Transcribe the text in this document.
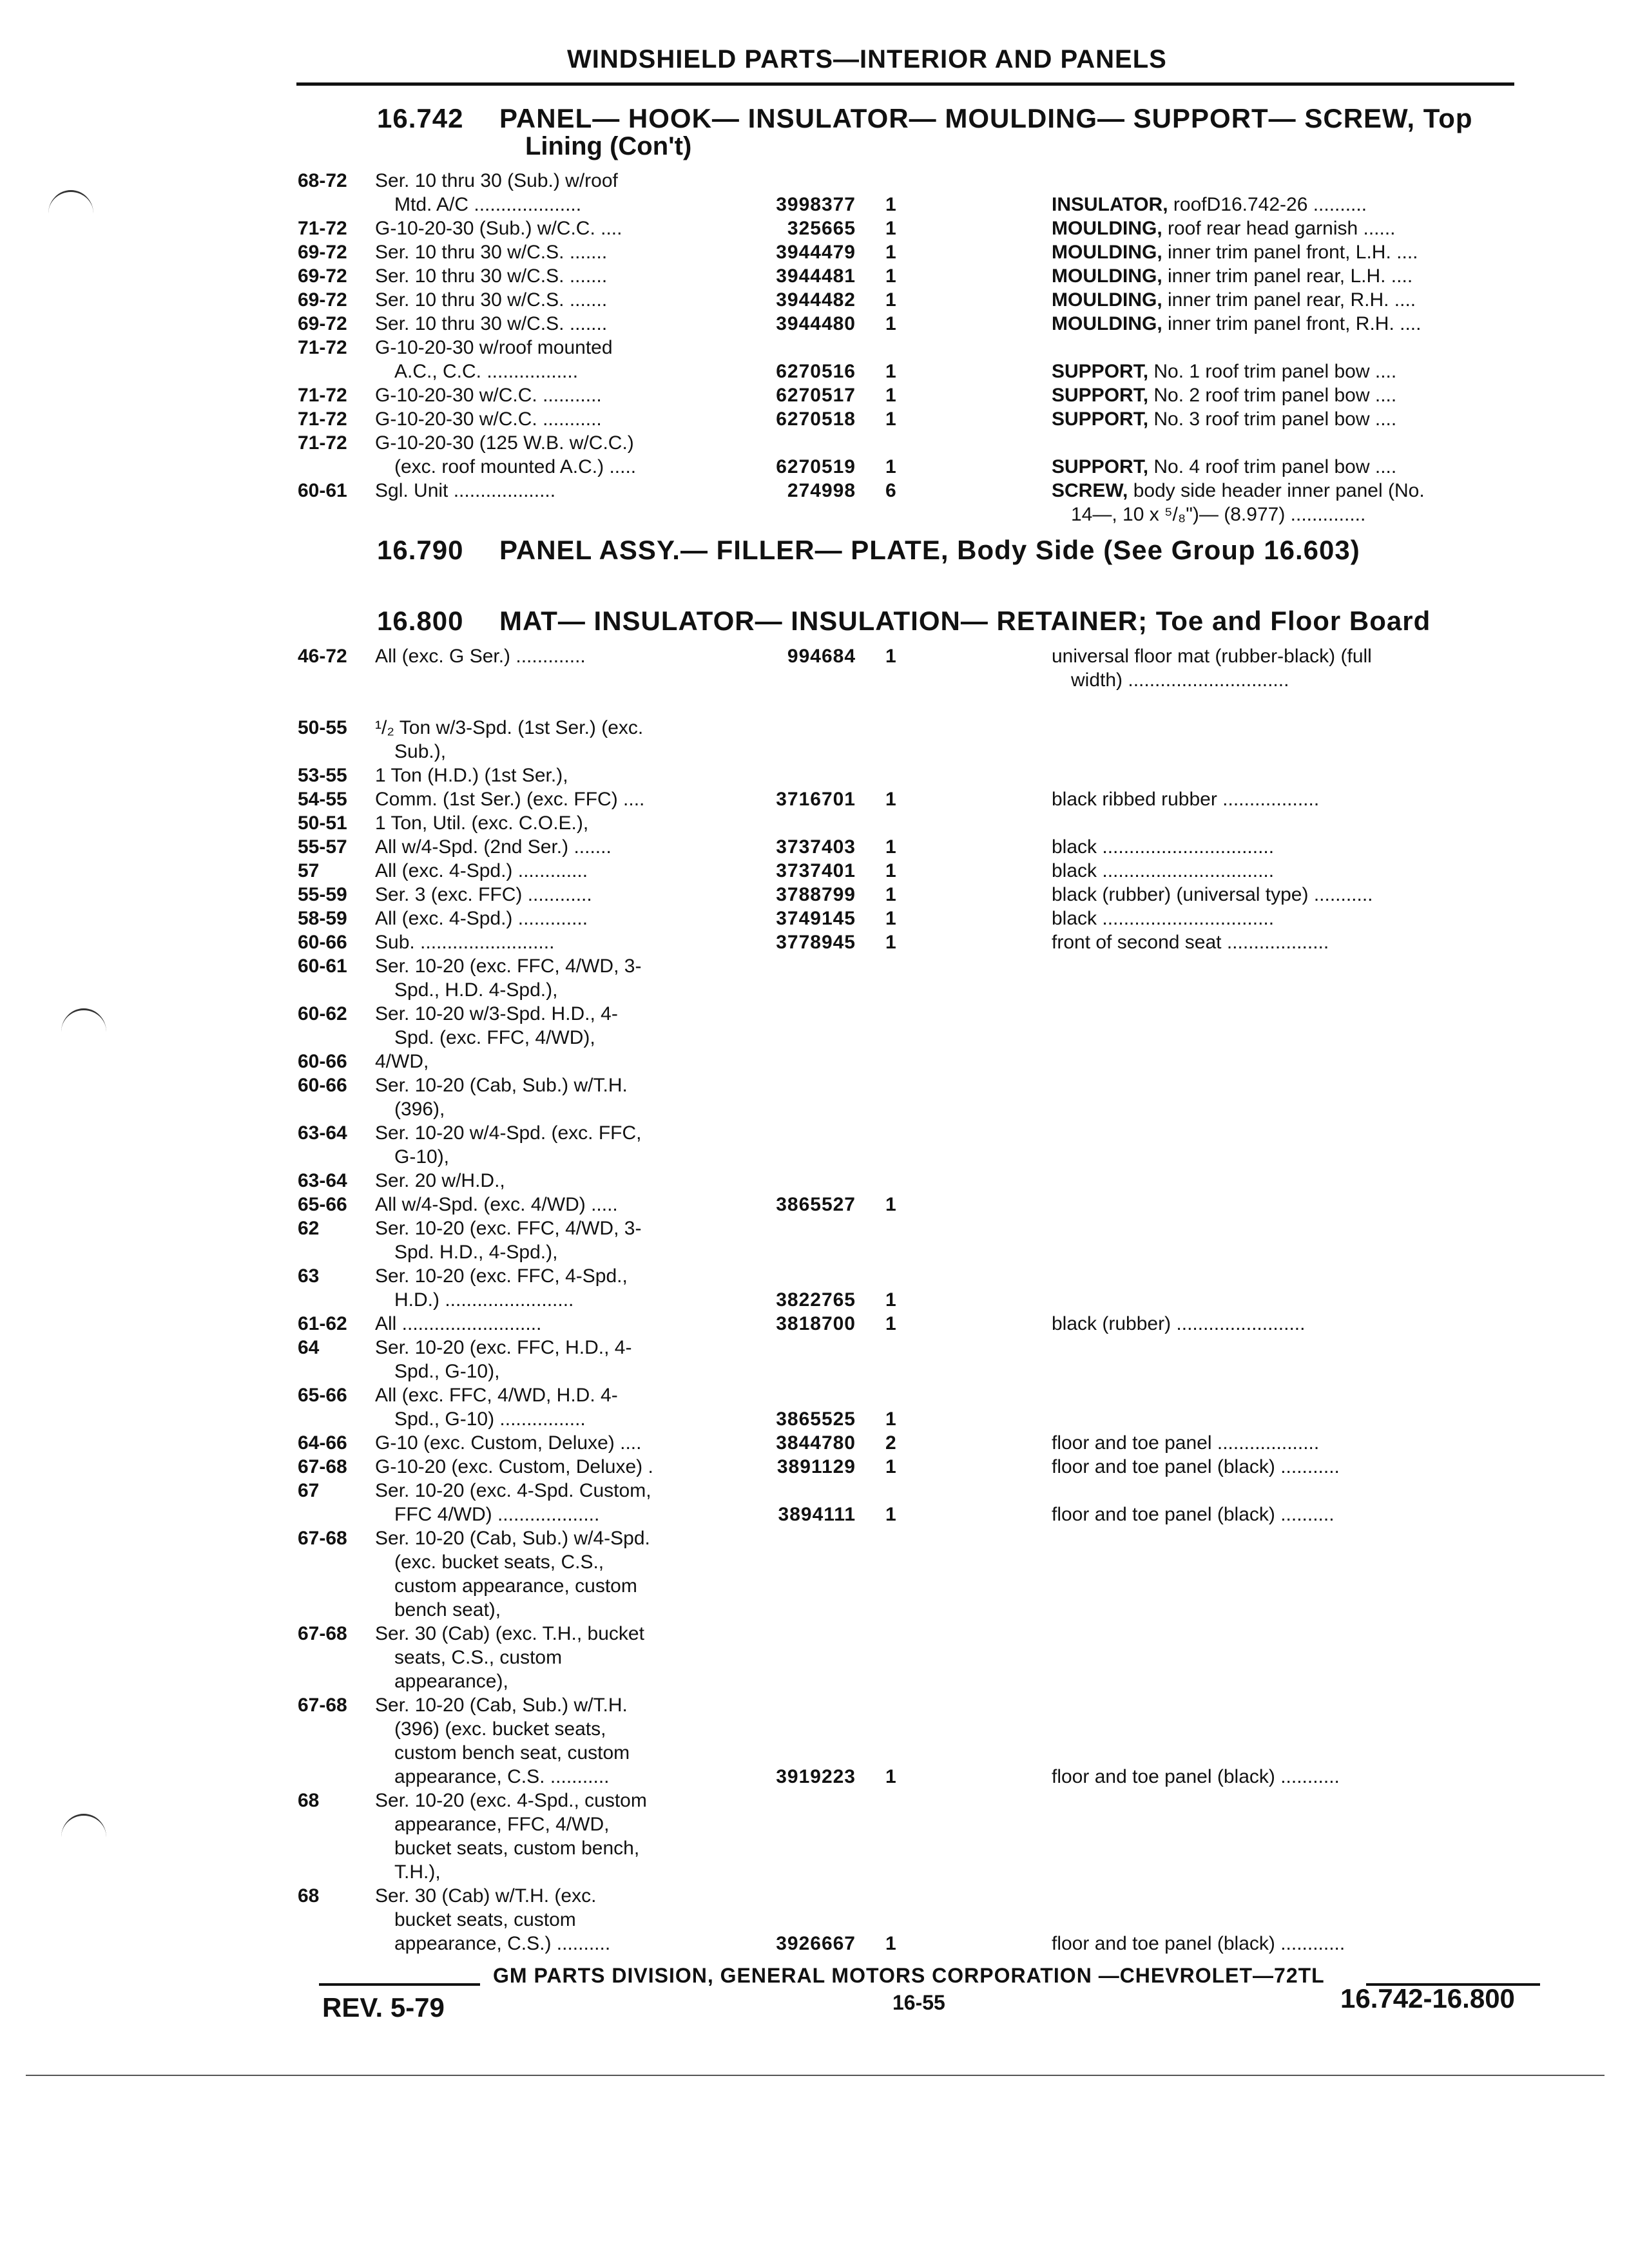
WINDSHIELD PARTS—INTERIOR AND PANELS
16.742 PANEL— HOOK— INSULATOR— MOULDING— SUPPORT— SCREW, Top
Lining (Con't)
68-72	Ser. 10 thru 30 (Sub.) w/roof
Mtd. A/C ....................	3998377 1	INSULATOR, roofD16.742-26 ..........
71-72	G-10-20-30 (Sub.) w/C.C. ....	325665 1	MOULDING, roof rear head garnish ......
69-72	Ser. 10 thru 30 w/C.S. .......	3944479 1	MOULDING, inner trim panel front, L.H. ....
69-72	Ser. 10 thru 30 w/C.S. .......	3944481 1	MOULDING, inner trim panel rear, L.H. ....
69-72	Ser. 10 thru 30 w/C.S. .......	3944482 1	MOULDING, inner trim panel rear, R.H. ....
69-72	Ser. 10 thru 30 w/C.S. .......	3944480 1	MOULDING, inner trim panel front, R.H. ....
71-72	G-10-20-30 w/roof mounted
A.C., C.C. .................	6270516 1	SUPPORT, No. 1 roof trim panel bow ....
71-72	G-10-20-30 w/C.C. ...........	6270517 1	SUPPORT, No. 2 roof trim panel bow ....
71-72	G-10-20-30 w/C.C. ...........	6270518 1	SUPPORT, No. 3 roof trim panel bow ....
71-72	G-10-20-30 (125 W.B. w/C.C.)
(exc. roof mounted A.C.) .....	6270519 1	SUPPORT, No. 4 roof trim panel bow ....
60-61	Sgl. Unit ...................	274998 6	SCREW, body side header inner panel (No.
14—, 10 x ⁵/₈")— (8.977) ..............
16.790 PANEL ASSY.— FILLER— PLATE, Body Side (See Group 16.603)
16.800 MAT— INSULATOR— INSULATION— RETAINER; Toe and Floor Board
46-72	All (exc. G Ser.) .............	994684 1	universal floor mat (rubber-black) (full
width) ..............................
50-55	¹/₂ Ton w/3-Spd. (1st Ser.) (exc.
Sub.),
53-55	1 Ton (H.D.) (1st Ser.),
54-55	Comm. (1st Ser.) (exc. FFC) ....	3716701 1	black ribbed rubber ..................
50-51	1 Ton, Util. (exc. C.O.E.),
55-57	All w/4-Spd. (2nd Ser.) .......	3737403 1	black ................................
57	All (exc. 4-Spd.) .............	3737401 1	black ................................
55-59	Ser. 3 (exc. FFC) ............	3788799 1	black (rubber) (universal type) ...........
58-59	All (exc. 4-Spd.) .............	3749145 1	black ................................
60-66	Sub. .........................	3778945 1	front of second seat ...................
60-61	Ser. 10-20 (exc. FFC, 4/WD, 3-
Spd., H.D. 4-Spd.),
60-62	Ser. 10-20 w/3-Spd. H.D., 4-
Spd. (exc. FFC, 4/WD),
60-66	4/WD,
60-66	Ser. 10-20 (Cab, Sub.) w/T.H.
(396),
63-64	Ser. 10-20 w/4-Spd. (exc. FFC,
G-10),
63-64	Ser. 20 w/H.D.,
65-66	All w/4-Spd. (exc. 4/WD) .....	3865527 1
62	Ser. 10-20 (exc. FFC, 4/WD, 3-
Spd. H.D., 4-Spd.),
63	Ser. 10-20 (exc. FFC, 4-Spd.,
H.D.) ........................	3822765 1
61-62	All ..........................	3818700 1	black (rubber) ........................
64	Ser. 10-20 (exc. FFC, H.D., 4-
Spd., G-10),
65-66	All (exc. FFC, 4/WD, H.D. 4-
Spd., G-10) ................	3865525 1
64-66	G-10 (exc. Custom, Deluxe) ....	3844780 2	floor and toe panel ...................
67-68	G-10-20 (exc. Custom, Deluxe) .	3891129 1	floor and toe panel (black) ...........
67	Ser. 10-20 (exc. 4-Spd. Custom,
FFC 4/WD) ...................	3894111 1	floor and toe panel (black) ..........
67-68	Ser. 10-20 (Cab, Sub.) w/4-Spd.
(exc. bucket seats, C.S.,
custom appearance, custom
bench seat),
67-68	Ser. 30 (Cab) (exc. T.H., bucket
seats, C.S., custom
appearance),
67-68	Ser. 10-20 (Cab, Sub.) w/T.H.
(396) (exc. bucket seats,
custom bench seat, custom
appearance, C.S. ...........	3919223 1	floor and toe panel (black) ...........
68	Ser. 10-20 (exc. 4-Spd., custom
appearance, FFC, 4/WD,
bucket seats, custom bench,
T.H.),
68	Ser. 30 (Cab) w/T.H. (exc.
bucket seats, custom
appearance, C.S.) ..........	3926667 1	floor and toe panel (black) ............
GM PARTS DIVISION, GENERAL MOTORS CORPORATION —CHEVROLET—72TL
REV. 5-79	16-55	16.742-16.800
